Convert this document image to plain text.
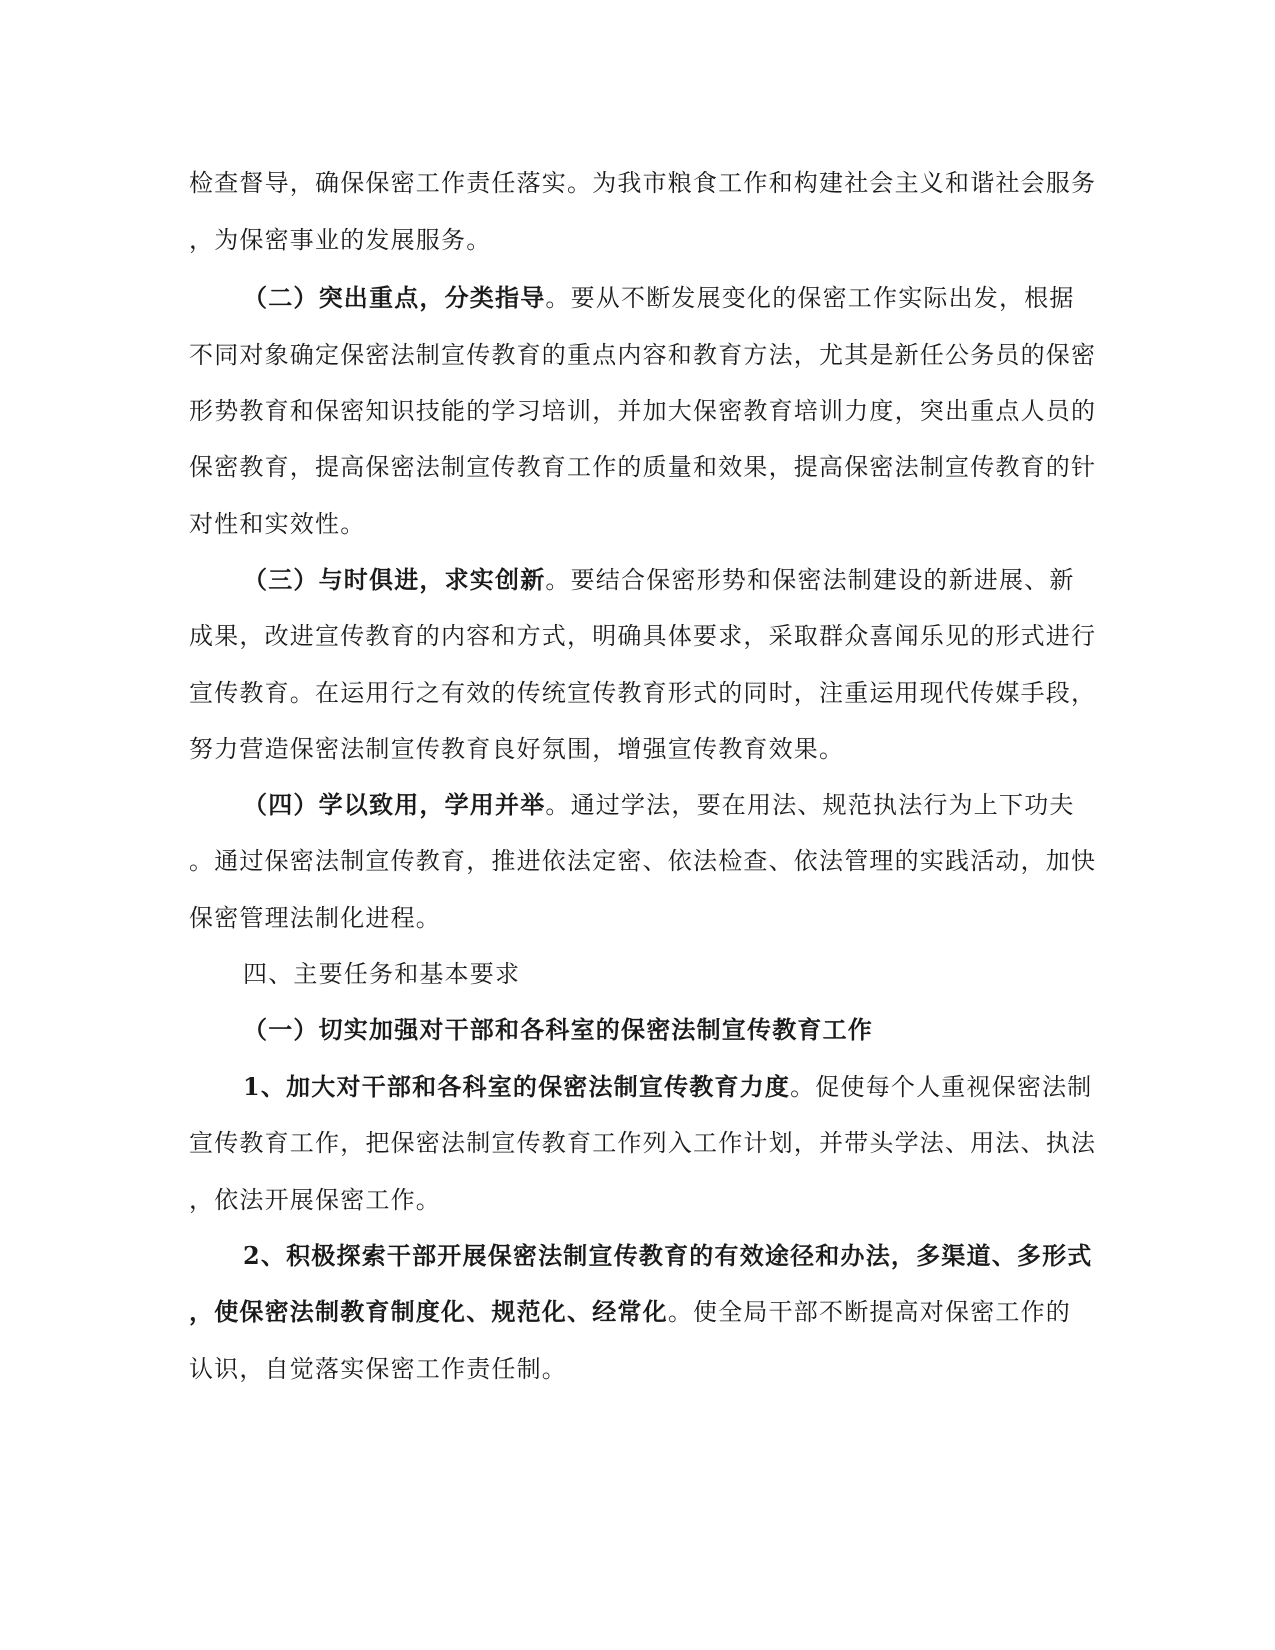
检查督导，确保保密工作责任落实。为我市粮食工作和构建社会主义和谐社会服务
，为保密事业的发展服务。
（二）突出重点，分类指导。要从不断发展变化的保密工作实际出发，根据
不同对象确定保密法制宣传教育的重点内容和教育方法，尤其是新任公务员的保密
形势教育和保密知识技能的学习培训，并加大保密教育培训力度，突出重点人员的
保密教育，提高保密法制宣传教育工作的质量和效果，提高保密法制宣传教育的针
对性和实效性。
（三）与时俱进，求实创新。要结合保密形势和保密法制建设的新进展、新
成果，改进宣传教育的内容和方式，明确具体要求，采取群众喜闻乐见的形式进行
宣传教育。在运用行之有效的传统宣传教育形式的同时，注重运用现代传媒手段，
努力营造保密法制宣传教育良好氛围，增强宣传教育效果。
（四）学以致用，学用并举。通过学法，要在用法、规范执法行为上下功夫
。通过保密法制宣传教育，推进依法定密、依法检查、依法管理的实践活动，加快
保密管理法制化进程。
四、主要任务和基本要求
（一）切实加强对干部和各科室的保密法制宣传教育工作
1、加大对干部和各科室的保密法制宣传教育力度。促使每个人重视保密法制
宣传教育工作，把保密法制宣传教育工作列入工作计划，并带头学法、用法、执法
，依法开展保密工作。
2、积极探索干部开展保密法制宣传教育的有效途径和办法，多渠道、多形式
，使保密法制教育制度化、规范化、经常化。使全局干部不断提高对保密工作的
认识，自觉落实保密工作责任制。
